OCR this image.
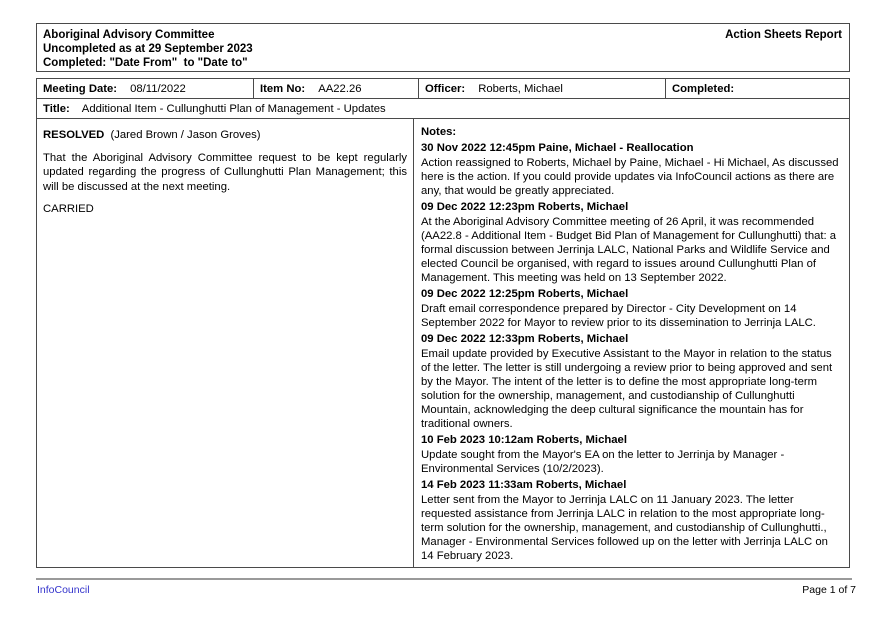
Aboriginal Advisory Committee
Uncompleted as at 29 September 2023
Completed: "Date From"  to "Date to"
Action Sheets Report
Meeting Date: 08/11/2022	Item No: AA22.26	Officer: Roberts, Michael	Completed:
Title: Additional Item - Cullunghutti Plan of Management - Updates
RESOLVED (Jared Brown / Jason Groves)
That the Aboriginal Advisory Committee request to be kept regularly updated regarding the progress of Cullunghutti Plan Management; this will be discussed at the next meeting.
CARRIED
Notes:
30 Nov 2022 12:45pm Paine, Michael - Reallocation
Action reassigned to Roberts, Michael by Paine, Michael - Hi Michael, As discussed here is the action. If you could provide updates via InfoCouncil actions as there are any, that would be greatly appreciated.
09 Dec 2022 12:23pm Roberts, Michael
At the Aboriginal Advisory Committee meeting of 26 April, it was recommended (AA22.8 - Additional Item - Budget Bid Plan of Management for Cullunghutti) that: a formal discussion between Jerrinja LALC, National Parks and Wildlife Service and elected Council be organised, with regard to issues around Cullunghutti Plan of Management. This meeting was held on 13 September 2022.
09 Dec 2022 12:25pm Roberts, Michael
Draft email correspondence prepared by Director - City Development on 14 September 2022 for Mayor to review prior to its dissemination to Jerrinja LALC.
09 Dec 2022 12:33pm Roberts, Michael
Email update provided by Executive Assistant to the Mayor in relation to the status of the letter. The letter is still undergoing a review prior to being approved and sent by the Mayor. The intent of the letter is to define the most appropriate long-term solution for the ownership, management, and custodianship of Cullunghutti Mountain, acknowledging the deep cultural significance the mountain has for traditional owners.
10 Feb 2023 10:12am Roberts, Michael
Update sought from the Mayor's EA on the letter to Jerrinja by Manager - Environmental Services (10/2/2023).
14 Feb 2023 11:33am Roberts, Michael
Letter sent from the Mayor to Jerrinja LALC on 11 January 2023. The letter requested assistance from Jerrinja LALC in relation to the most appropriate long-term solution for the ownership, management, and custodianship of Cullunghutti., Manager - Environmental Services followed up on the letter with Jerrinja LALC on 14 February 2023.
InfoCouncil	Page 1 of 7
